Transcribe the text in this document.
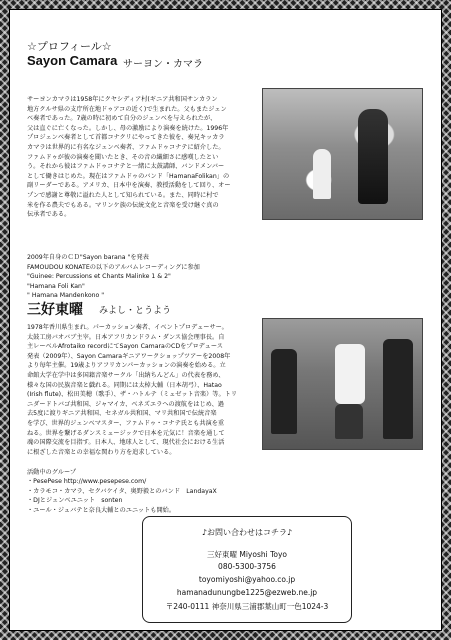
☆プロフィール☆
Sayon Camara サーヨン・カマラ
サーヨンカマラは1958年にクヤシディア村(ギニア共和国サンカラン
地方クルサ県の支庁所在地ドゥアコの近く)で生まれた。父もまたジェン
ベ奏者であった。7歳の時に初めて自分のジェンベを与えられたが、
父は直ぐに亡くなった。しかし、母の激励により演奏を続けた。1996年
プロジェンベ奏者として首都コナクリにやってきた彼を、奏兄キッカラ
カマラは世界的に有名なジェンベ奏者、ファムドゥコナテに紹介した。
ファムドゥが彼の演奏を聞いたとき、その音の繊細さに感嘆したとい
う。それから彼はファムドゥコナテと一緒に太鼓講師、バンドメンバー
として働きはじめた。現在はファムドゥのバンド「HamanaFolikan」の
副リーダーである。アメリカ、日本中を演奏、教授活動をして回り、オー
プンで感謝と尊敬に溢れた人として知られている。また、同時に村で
米を作る農夫でもある。マリンケ族の伝統文化と音楽を受け継ぐ真の
伝承者である。
2009年自身のＣＤ"Sayon barana "を発表
FAMOUDOU KONATEの以下のアルバムレコーディングに参加
"Guinee: Percussions et Chants Malinke 1 & 2"
"Hamana Foli Kan"
" Hamana Mandenkono "
三好東曜 みよし・とうよう
1978年香川県生まれ。パーカッション奏者、イベントプロデューサー。
太鼓工房バオバブ主宰。日本アフリカンドラム・ダンス協会理事長。自
主レーベルAfrotaiko recordにてSayon CamaraのCDをプロデュース
発表（2009年）、Sayon Camaraギニアワークショップツアーを2008年
より毎年主催。19歳よりアフリカンパーカッションの演奏を始める。立
命館大学在学中は多国籍音楽サークル「出納ちんどん」の代表を務め、
様々な国の民族音楽と戯れる。同期には太棹大輔（日本胡弓）、Hatao
(Irish flute)、松田美穂（歌手）、ザ・ハトルテ（ミュゼット音楽）等。トリ
ニダードトバゴ共和国、ジャマイカ、ベネズエラへの渡航をはじめ、過
去5度に渡りギニア共和国、セネガル共和国、マリ共和国で伝統音楽
を学び、世界的ジェンベマスター、ファムドゥ・コナテ氏とも共演を重
ねる。世界を繋げるダンスミュージックで日本を元気に！音楽を通して
魂の国際交流を目指す。日本人、地球人として、現代社会における生活
に根ざした音楽との幸福な関わり方を追求している。

活動中のグループ

・PesePese http://www.pesepese.com/
・カラモコ・カマラ、セクバケイタ、奥野毅とのバンド　LandayaX
・DJとジェンベユニット　sonten
・ユール・ジュバテと奈良大輔とのユニットも開始。

♪お問い合わせはコチラ♪
三好東曜 Miyoshi Toyo
080-5300-3756
toyomiyoshi@yahoo.co.jp
hamanadunungbe1225@ezweb.ne.jp
〒240-0111 神奈川県三浦郡葉山町一色1024-3
